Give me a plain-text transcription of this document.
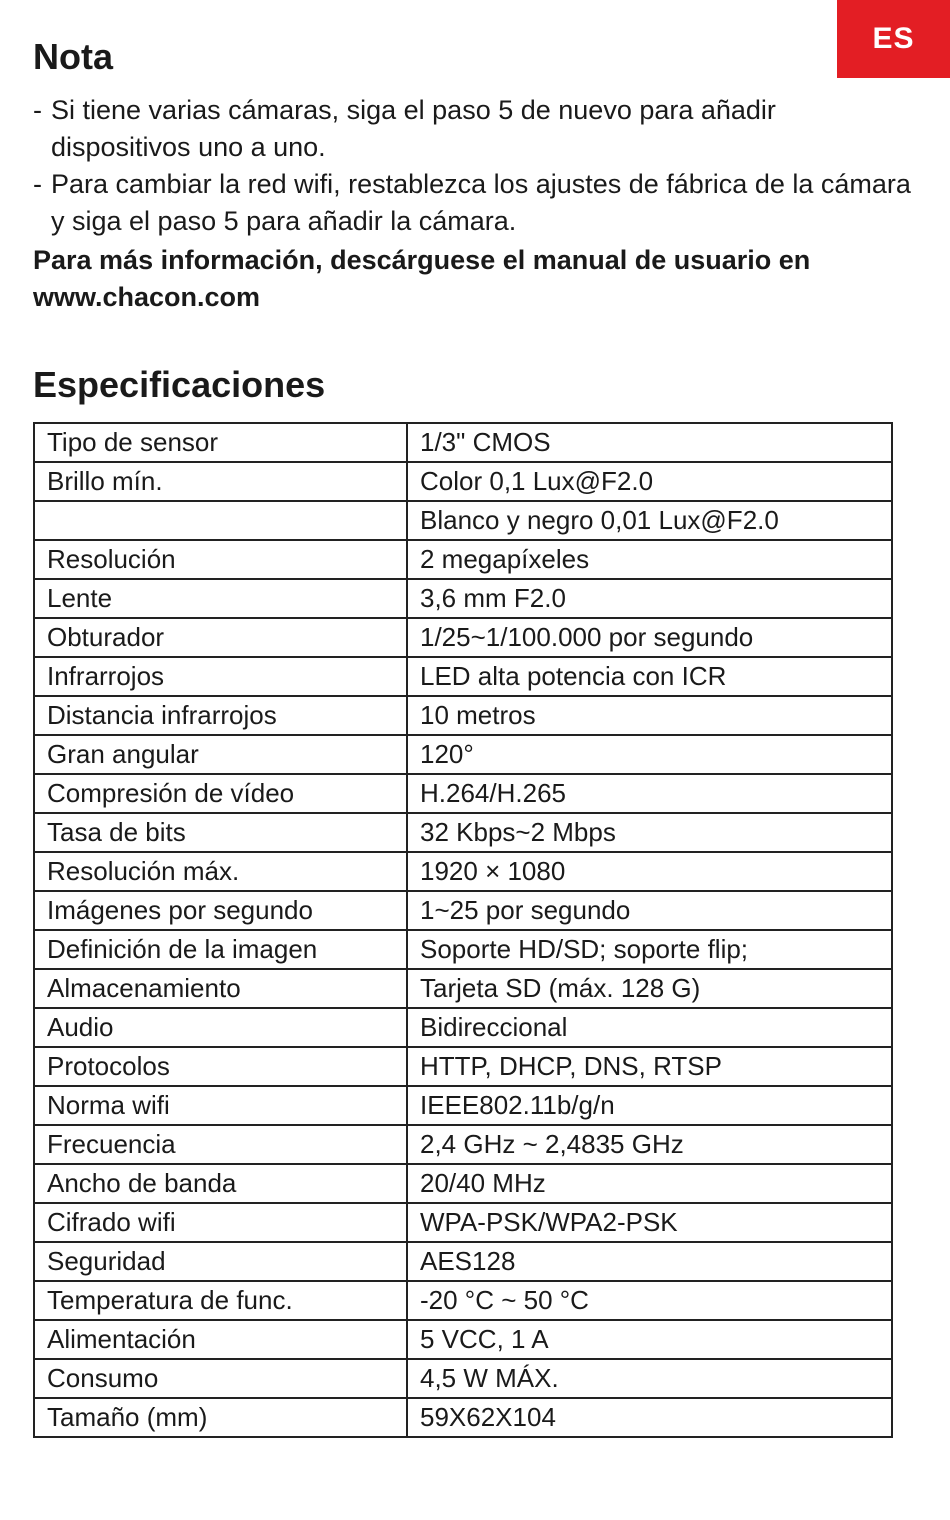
ES
Nota
- Si tiene varias cámaras, siga el paso 5 de nuevo para añadir dispositivos uno a uno.
- Para cambiar la red wifi, restablezca los ajustes de fábrica de la cámara y siga el paso 5 para añadir la cámara.

Para más información, descárguese el manual de usuario en www.chacon.com

Especificaciones
Tipo de sensor	1/3" CMOS
Brillo mín.	Color 0,1 Lux@F2.0
	Blanco y negro 0,01 Lux@F2.0
Resolución	2 megapíxeles
Lente	3,6 mm F2.0
Obturador	1/25~1/100.000 por segundo
Infrarrojos	LED alta potencia con ICR
Distancia infrarrojos	10 metros
Gran angular	120°
Compresión de vídeo	H.264/H.265
Tasa de bits	32 Kbps~2 Mbps
Resolución máx.	1920 × 1080
Imágenes por segundo	1~25 por segundo
Definición de la imagen	Soporte HD/SD; soporte flip;
Almacenamiento	Tarjeta SD (máx. 128 G)
Audio	Bidireccional
Protocolos	HTTP, DHCP, DNS, RTSP
Norma wifi	IEEE802.11b/g/n
Frecuencia	2,4 GHz ~ 2,4835 GHz
Ancho de banda	20/40 MHz
Cifrado wifi	WPA-PSK/WPA2-PSK
Seguridad	AES128
Temperatura de func.	-20 °C ~ 50 °C
Alimentación	5 VCC, 1 A
Consumo	4,5 W MÁX.
Tamaño (mm)	59X62X104
